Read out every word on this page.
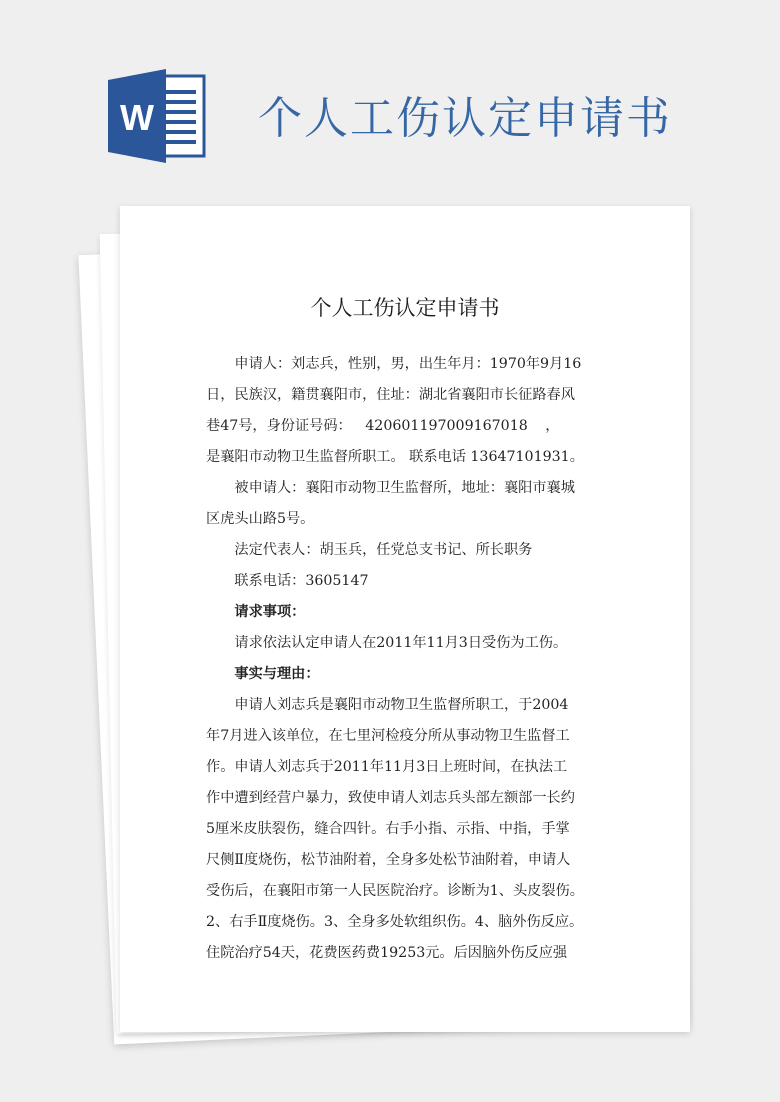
W 个人工伤认定申请书
个人工伤认定申请书

申请人：刘志兵，性别，男，出生年月：1970年9月16

日，民族汉，籍贯襄阳市，住址：湖北省襄阳市长征路春风

巷47号，身份证号码： 420601197009167018 ，

是襄阳市动物卫生监督所职工。 联系电话 13647101931。

被申请人：襄阳市动物卫生监督所，地址：襄阳市襄城

区虎头山路5号。

法定代表人：胡玉兵，任党总支书记、所长职务

联系电话：3605147

请求事项：

请求依法认定申请人在2011年11月3日受伤为工伤。

事实与理由：

申请人刘志兵是襄阳市动物卫生监督所职工，于2004

年7月进入该单位，在七里河检疫分所从事动物卫生监督工

作。申请人刘志兵于2011年11月3日上班时间，在执法工

作中遭到经营户暴力，致使申请人刘志兵头部左额部一长约

5厘米皮肤裂伤，缝合四针。右手小指、示指、中指，手掌

尺侧Ⅱ度烧伤，松节油附着，全身多处松节油附着，申请人

受伤后，在襄阳市第一人民医院治疗。诊断为1、头皮裂伤。

2、右手Ⅱ度烧伤。3、全身多处软组织伤。4、脑外伤反应。

住院治疗54天，花费医药费19253元。后因脑外伤反应强
